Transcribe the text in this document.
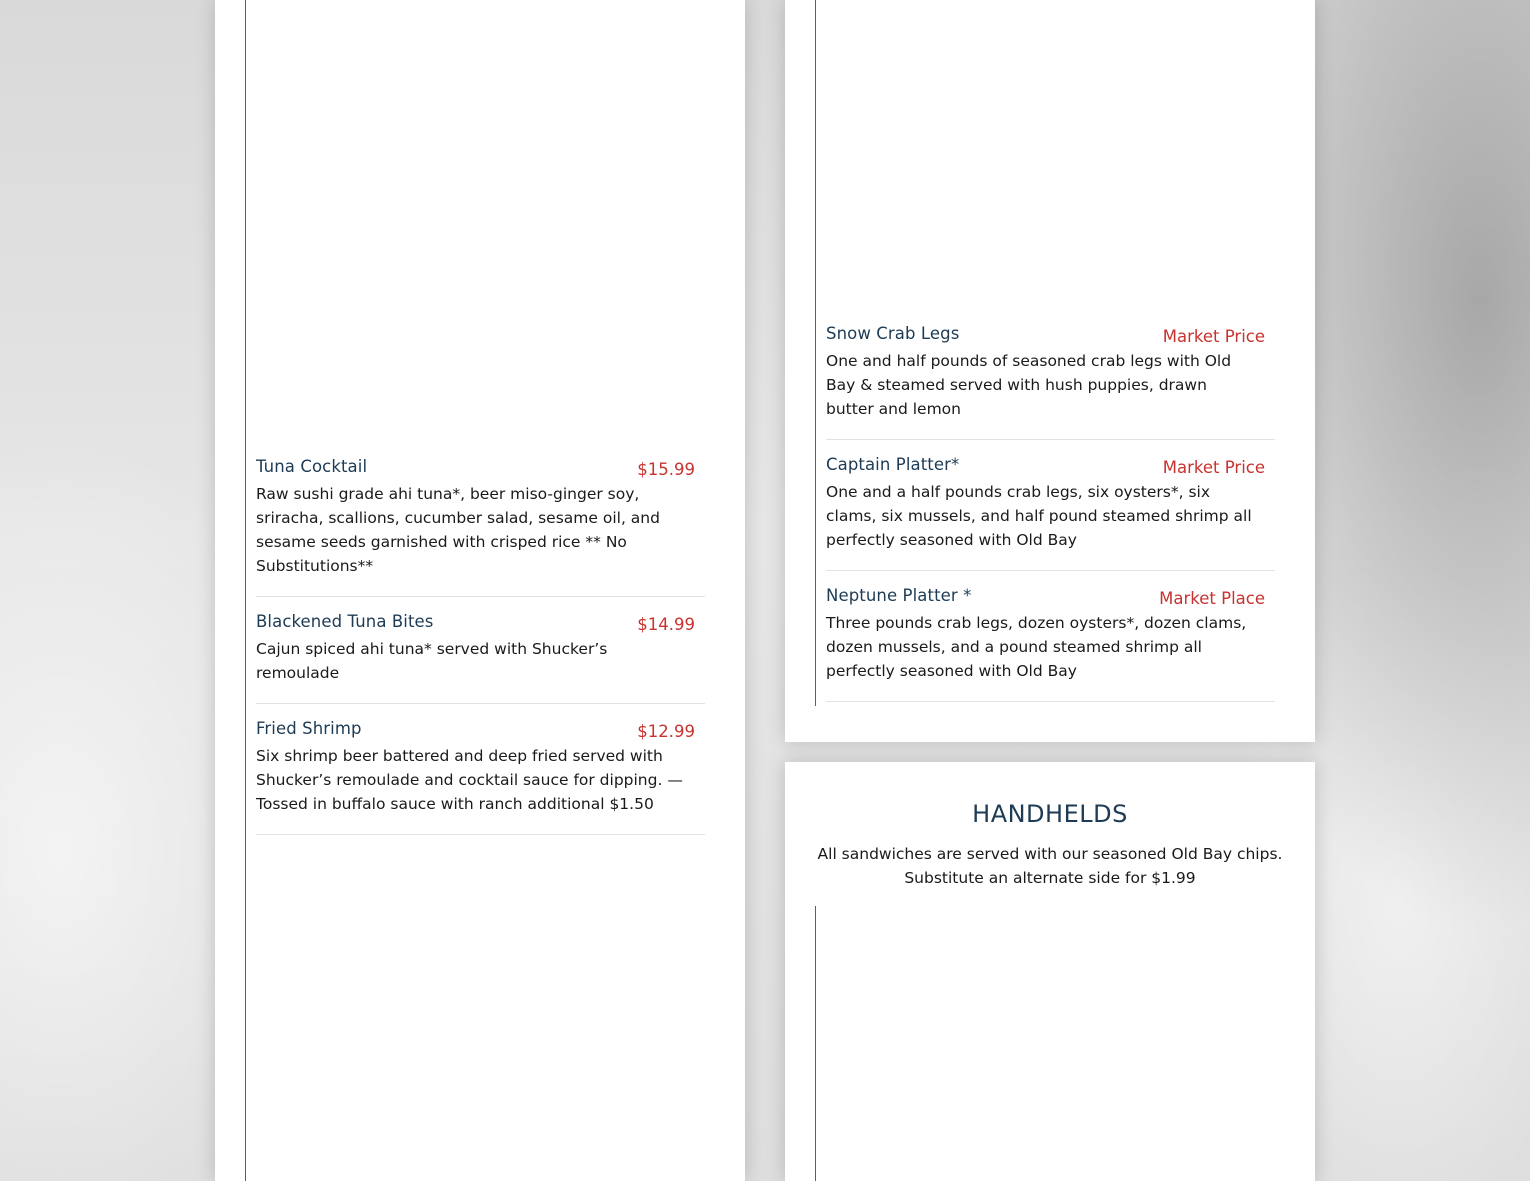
Tuna Cocktail	$15.99
Raw sushi grade ahi tuna*, beer miso-ginger soy, sriracha, scallions, cucumber salad, sesame oil, and sesame seeds garnished with crisped rice ** No Substitutions**
Blackened Tuna Bites	$14.99
Cajun spiced ahi tuna* served with Shucker’s remoulade
Fried Shrimp	$12.99
Six shrimp beer battered and deep fried served with Shucker’s remoulade and cocktail sauce for dipping. — Tossed in buffalo sauce with ranch additional $1.50
Snow Crab Legs	Market Price
One and half pounds of seasoned crab legs with Old Bay & steamed served with hush puppies, drawn butter and lemon
Captain Platter*	Market Price
One and a half pounds crab legs, six oysters*, six clams, six mussels, and half pound steamed shrimp all perfectly seasoned with Old Bay
Neptune Platter *	Market Place
Three pounds crab legs, dozen oysters*, dozen clams, dozen mussels, and a pound steamed shrimp all perfectly seasoned with Old Bay
HANDHELDS
All sandwiches are served with our seasoned Old Bay chips.
Substitute an alternate side for $1.99
